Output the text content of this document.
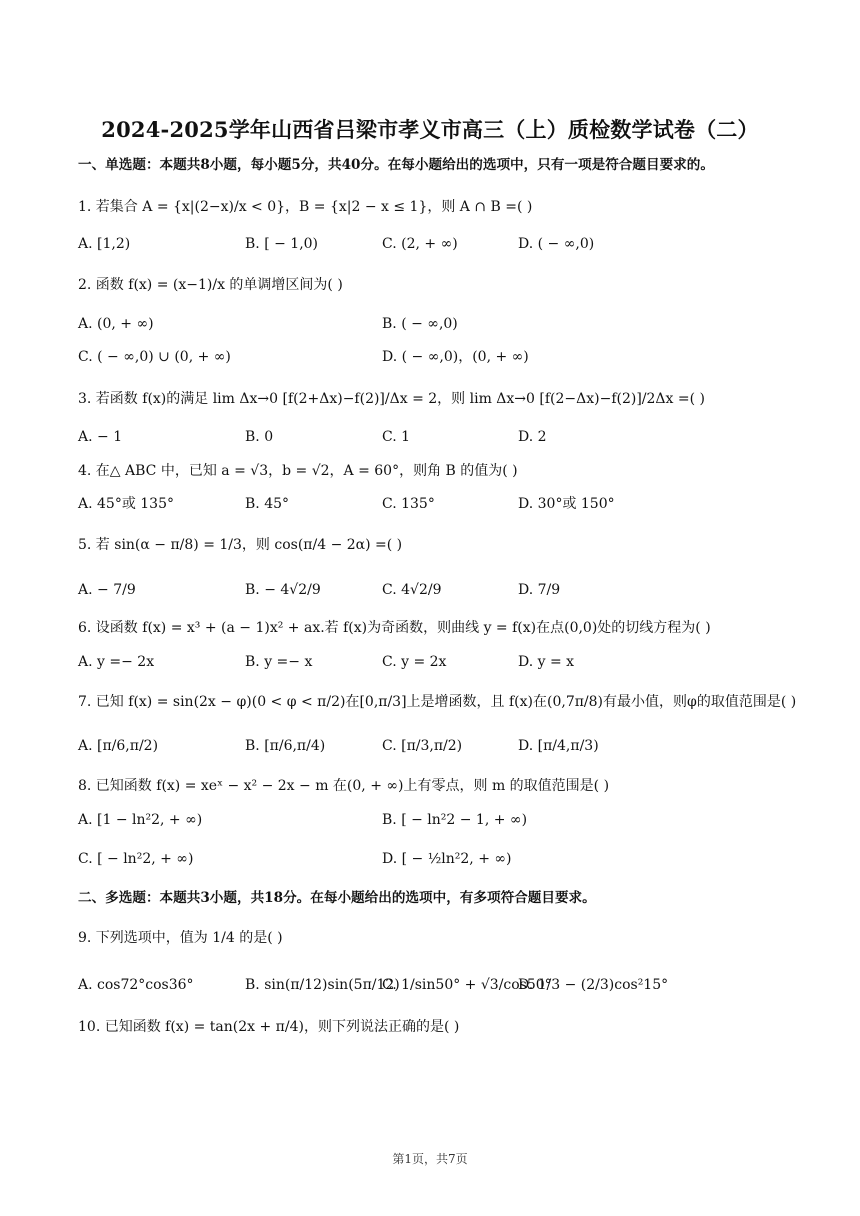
2024-2025学年山西省吕梁市孝义市高三（上）质检数学试卷（二）
一、单选题：本题共8小题，每小题5分，共40分。在每小题给出的选项中，只有一项是符合题目要求的。
1. 若集合 A = {x|(2−x)/x < 0}，B = {x|2 − x ≤ 1}，则 A ∩ B =( )
A. [1,2)	B. [ − 1,0)	C. (2, + ∞)	D. ( − ∞,0)
2. 函数 f(x) = (x−1)/x 的单调增区间为( )
A. (0, + ∞)	B. ( − ∞,0)
C. ( − ∞,0) ∪ (0, + ∞)	D. ( − ∞,0)，(0, + ∞)
3. 若函数 f(x)的满足 lim Δx→0 [f(2+Δx)−f(2)]/Δx = 2，则 lim Δx→0 [f(2−Δx)−f(2)]/2Δx =( )
A. − 1	B. 0	C. 1	D. 2
4. 在△ ABC 中，已知 a = √3，b = √2，A = 60°，则角 B 的值为( )
A. 45°或 135°	B. 45°	C. 135°	D. 30°或 150°
5. 若 sin(α − π/8) = 1/3，则 cos(π/4 − 2α) =( )
A. − 7/9	B. − 4√2/9	C. 4√2/9	D. 7/9
6. 设函数 f(x) = x³ + (a − 1)x² + ax.若 f(x)为奇函数，则曲线 y = f(x)在点(0,0)处的切线方程为( )
A. y =− 2x	B. y =− x	C. y = 2x	D. y = x
7. 已知 f(x) = sin(2x − φ)(0 < φ < π/2)在[0,π/3]上是增函数，且 f(x)在(0,7π/8)有最小值，则φ的取值范围是( )
A. [π/6,π/2)	B. [π/6,π/4)	C. [π/3,π/2)	D. [π/4,π/3)
8. 已知函数 f(x) = xeˣ − x² − 2x − m 在(0, + ∞)上有零点，则 m 的取值范围是( )
A. [1 − ln²2, + ∞)	B. [ − ln²2 − 1, + ∞)
C. [ − ln²2, + ∞)	D. [ − ½ln²2, + ∞)
二、多选题：本题共3小题，共18分。在每小题给出的选项中，有多项符合题目要求。
9. 下列选项中，值为 1/4 的是( )
A. cos72°cos36°	B. sin(π/12)sin(5π/12)
C. 1/sin50° + √3/cos50°
D. 1/3 − (2/3)cos²15°
10. 已知函数 f(x) = tan(2x + π/4)，则下列说法正确的是( )
第1页，共7页
